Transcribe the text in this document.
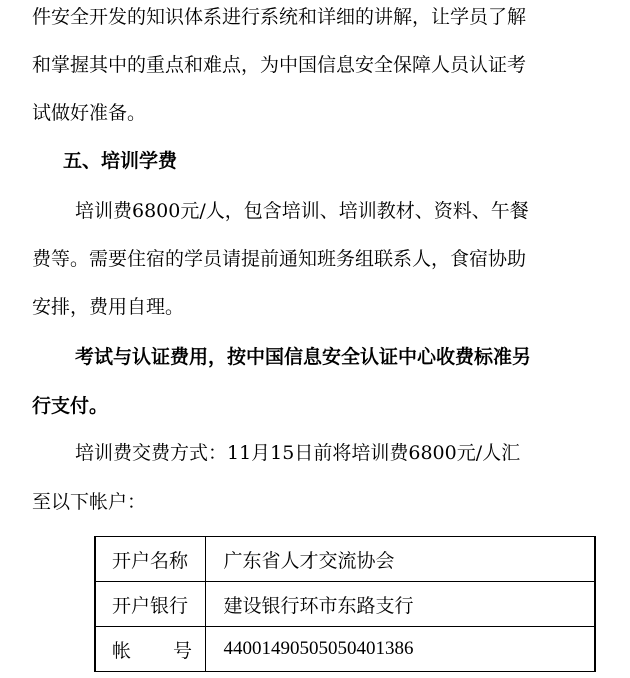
件安全开发的知识体系进行系统和详细的讲解，让学员了解
和掌握其中的重点和难点，为中国信息安全保障人员认证考
试做好准备。
五、培训学费
培训费6800元/人，包含培训、培训教材、资料、午餐
费等。需要住宿的学员请提前通知班务组联系人，食宿协助
安排，费用自理。
考试与认证费用，按中国信息安全认证中心收费标准另
行支付。
培训费交费方式：11月15日前将培训费6800元/人汇
至以下帐户：
开户名称	广东省人才交流协会
开户银行	建设银行环市东路支行

帐 号	44001490505050401386
